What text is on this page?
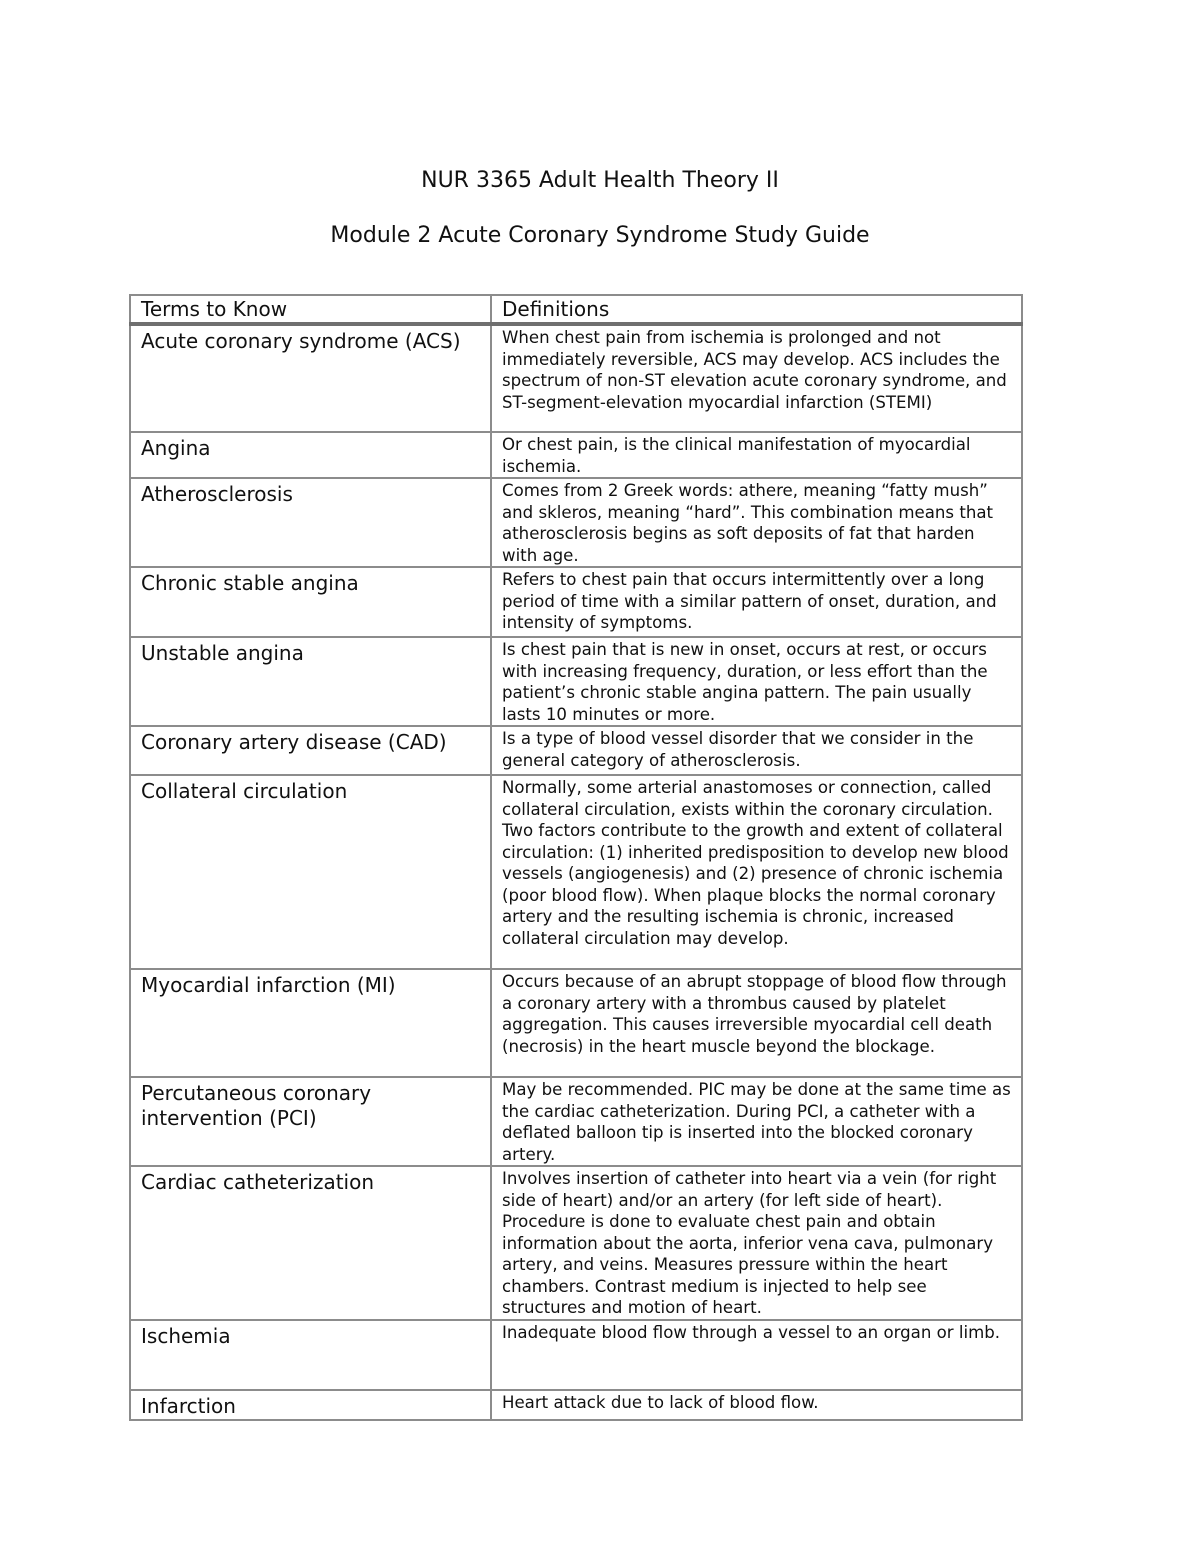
NUR 3365 Adult Health Theory II
Module 2 Acute Coronary Syndrome Study Guide
Terms to Know	Definitions
Acute coronary syndrome (ACS)	When chest pain from ischemia is prolonged and not immediately reversible, ACS may develop. ACS includes the spectrum of non-ST elevation acute coronary syndrome, and ST-segment-elevation myocardial infarction (STEMI)
Angina	Or chest pain, is the clinical manifestation of myocardial ischemia.
Atherosclerosis	Comes from 2 Greek words: athere, meaning “fatty mush” and skleros, meaning “hard”. This combination means that atherosclerosis begins as soft deposits of fat that harden with age.
Chronic stable angina	Refers to chest pain that occurs intermittently over a long period of time with a similar pattern of onset, duration, and intensity of symptoms.
Unstable angina	Is chest pain that is new in onset, occurs at rest, or occurs with increasing frequency, duration, or less effort than the patient’s chronic stable angina pattern. The pain usually lasts 10 minutes or more.
Coronary artery disease (CAD)	Is a type of blood vessel disorder that we consider in the general category of atherosclerosis.
Collateral circulation	Normally, some arterial anastomoses or connection, called collateral circulation, exists within the coronary circulation. Two factors contribute to the growth and extent of collateral circulation: (1) inherited predisposition to develop new blood vessels (angiogenesis) and (2) presence of chronic ischemia (poor blood flow). When plaque blocks the normal coronary artery and the resulting ischemia is chronic, increased collateral circulation may develop.
Myocardial infarction (MI)	Occurs because of an abrupt stoppage of blood flow through a coronary artery with a thrombus caused by platelet aggregation. This causes irreversible myocardial cell death (necrosis) in the heart muscle beyond the blockage.
Percutaneous coronary intervention (PCI)	May be recommended. PIC may be done at the same time as the cardiac catheterization. During PCI, a catheter with a deflated balloon tip is inserted into the blocked coronary artery.
Cardiac catheterization	Involves insertion of catheter into heart via a vein (for right side of heart) and/or an artery (for left side of heart). Procedure is done to evaluate chest pain and obtain information about the aorta, inferior vena cava, pulmonary artery, and veins. Measures pressure within the heart chambers. Contrast medium is injected to help see structures and motion of heart.
Ischemia	Inadequate blood flow through a vessel to an organ or limb.
Infarction	Heart attack due to lack of blood flow.
